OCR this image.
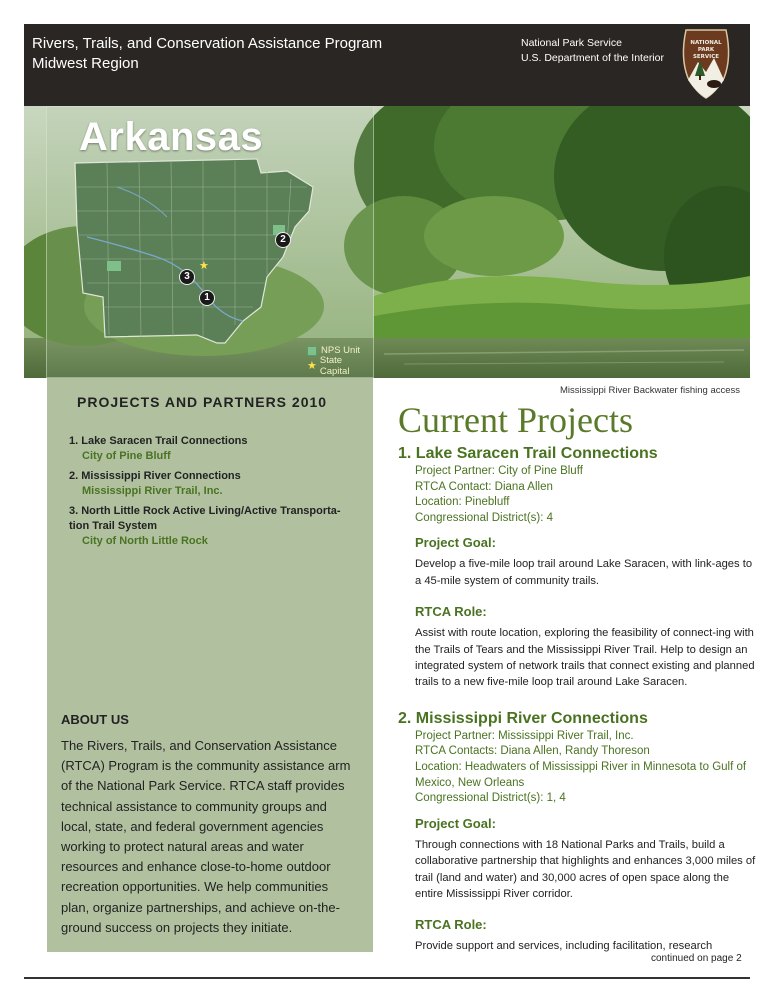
Rivers, Trails, and Conservation Assistance Program
Midwest Region
National Park Service
U.S. Department of the Interior
NATIONAL
PARK
SERVICE
Arkansas
★
2
3
1
NPS Unit
★ State Capital
Mississippi River Backwater fishing access
PROJECTS AND PARTNERS 2010
1. Lake Saracen Trail Connections
City of Pine Bluff
2. Mississippi River Connections
Mississippi River Trail, Inc.
3. North Little Rock Active Living/Active Transporta-
tion Trail System
City of North Little Rock
ABOUT US
The Rivers, Trails, and Conservation Assistance (RTCA) Program is the community assistance arm of the National Park Service. RTCA staff provides technical assistance to community groups and local, state, and federal government agencies working to protect natural areas and water resources and enhance close-to-home outdoor recreation opportunities. We help communities plan, organize partnerships, and achieve on-the-ground success on projects they initiate.
Current Projects
1. Lake Saracen Trail Connections
Project Partner: City of Pine Bluff
RTCA Contact: Diana Allen
Location: Pinebluff
Congressional District(s): 4
Project Goal:
Develop a five-mile loop trail around Lake Saracen, with link-ages to a 45-mile system of community trails.
RTCA Role:
Assist with route location, exploring the feasibility of connect-ing with the Trails of Tears and the Mississippi River Trail. Help to design an integrated system of network trails that connect existing and planned trails to a new five-mile loop trail around Lake Saracen.
2. Mississippi River Connections
Project Partner: Mississippi River Trail, Inc.
RTCA Contacts: Diana Allen, Randy Thoreson
Location: Headwaters of Mississippi River in Minnesota to Gulf of Mexico, New Orleans
Congressional District(s): 1, 4
Project Goal:
Through connections with 18 National Parks and Trails, build a collaborative partnership that highlights and enhances 3,000 miles of trail (land and water) and 30,000 acres of open space along the entire Mississippi River corridor.
RTCA Role:
Provide support and services, including facilitation, research
continued on page 2
